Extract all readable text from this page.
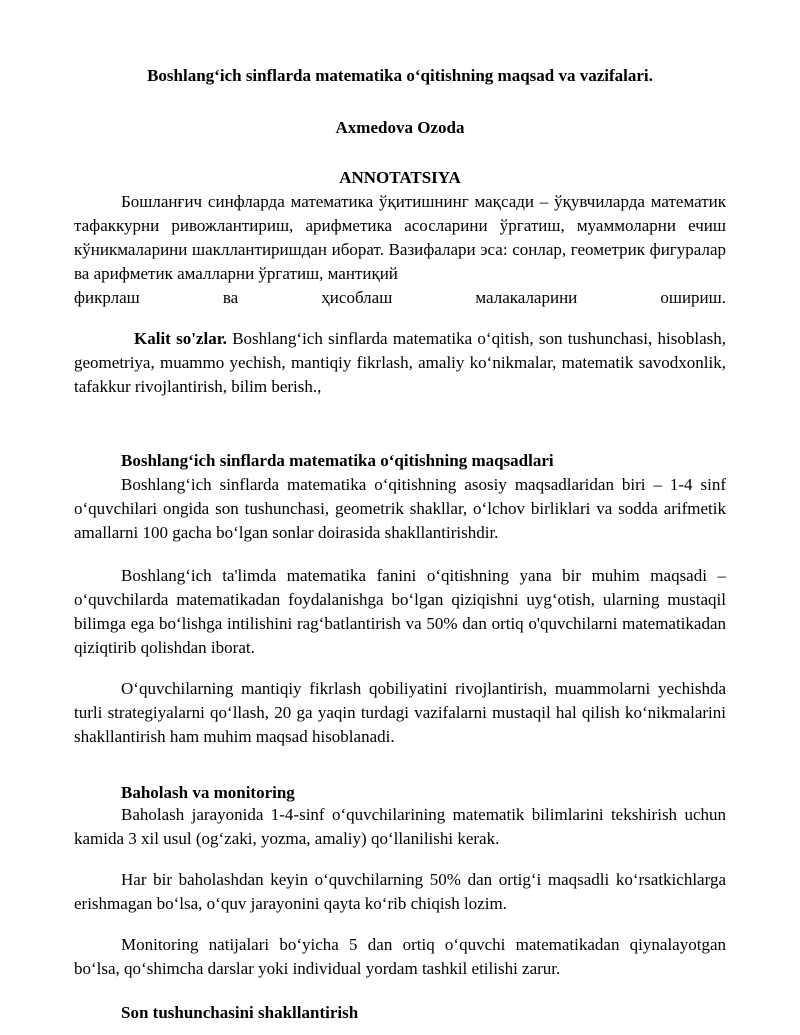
Boshlangʻich sinflarda matematika oʻqitishning maqsad va vazifalari.
Axmedova Ozoda
ANNOTATSIYA

Бошланғич синфларда математика ўқитишнинг мақсади – ўқувчиларда математик тафаккурни ривожлантириш, арифметика асосларини ўргатиш, муаммоларни ечиш кўникмаларини шакллантиришдан иборат. Вазифалари эса: сонлар, геометрик фигуралар ва арифметик амалларни ўргатиш, мантиқий

фикрлаш ва ҳисоблаш малакаларини ошириш.

Kalit so'zlar. Boshlangʻich sinflarda matematika oʻqitish, son tushunchasi, hisoblash, geometriya, muammo yechish, mantiqiy fikrlash, amaliy koʻnikmalar, matematik savodxonlik, tafakkur rivojlantirish, bilim berish.,
Boshlangʻich sinflarda matematika oʻqitishning maqsadlari
Boshlangʻich sinflarda matematika oʻqitishning asosiy maqsadlaridan biri – 1-4 sinf oʻquvchilari ongida son tushunchasi, geometrik shakllar, oʻlchov birliklari va sodda arifmetik amallarni 100 gacha boʻlgan sonlar doirasida shakllantirishdir.
Boshlangʻich ta'limda matematika fanini oʻqitishning yana bir muhim maqsadi – oʻquvchilarda matematikadan foydalanishga boʻlgan qiziqishni uygʻotish, ularning mustaqil bilimga ega boʻlishga intilishini ragʻbatlantirish va 50% dan ortiq o'quvchilarni matematikadan qiziqtirib qolishdan iborat.
Oʻquvchilarning mantiqiy fikrlash qobiliyatini rivojlantirish, muammolarni yechishda turli strategiyalarni qoʻllash, 20 ga yaqin turdagi vazifalarni mustaqil hal qilish koʻnikmalarini shakllantirish ham muhim maqsad hisoblanadi.
Baholash va monitoring
Baholash jarayonida 1-4-sinf oʻquvchilarining matematik bilimlarini tekshirish uchun kamida 3 xil usul (ogʻzaki, yozma, amaliy) qoʻllanilishi kerak.
Har bir baholashdan keyin oʻquvchilarning 50% dan ortigʻi maqsadli koʻrsatkichlarga erishmagan boʻlsa, oʻquv jarayonini qayta koʻrib chiqish lozim.
Monitoring natijalari boʻyicha 5 dan ortiq oʻquvchi matematikadan qiynalayotgan boʻlsa, qoʻshimcha darslar yoki individual yordam tashkil etilishi zarur.
Son tushunchasini shakllantirish
